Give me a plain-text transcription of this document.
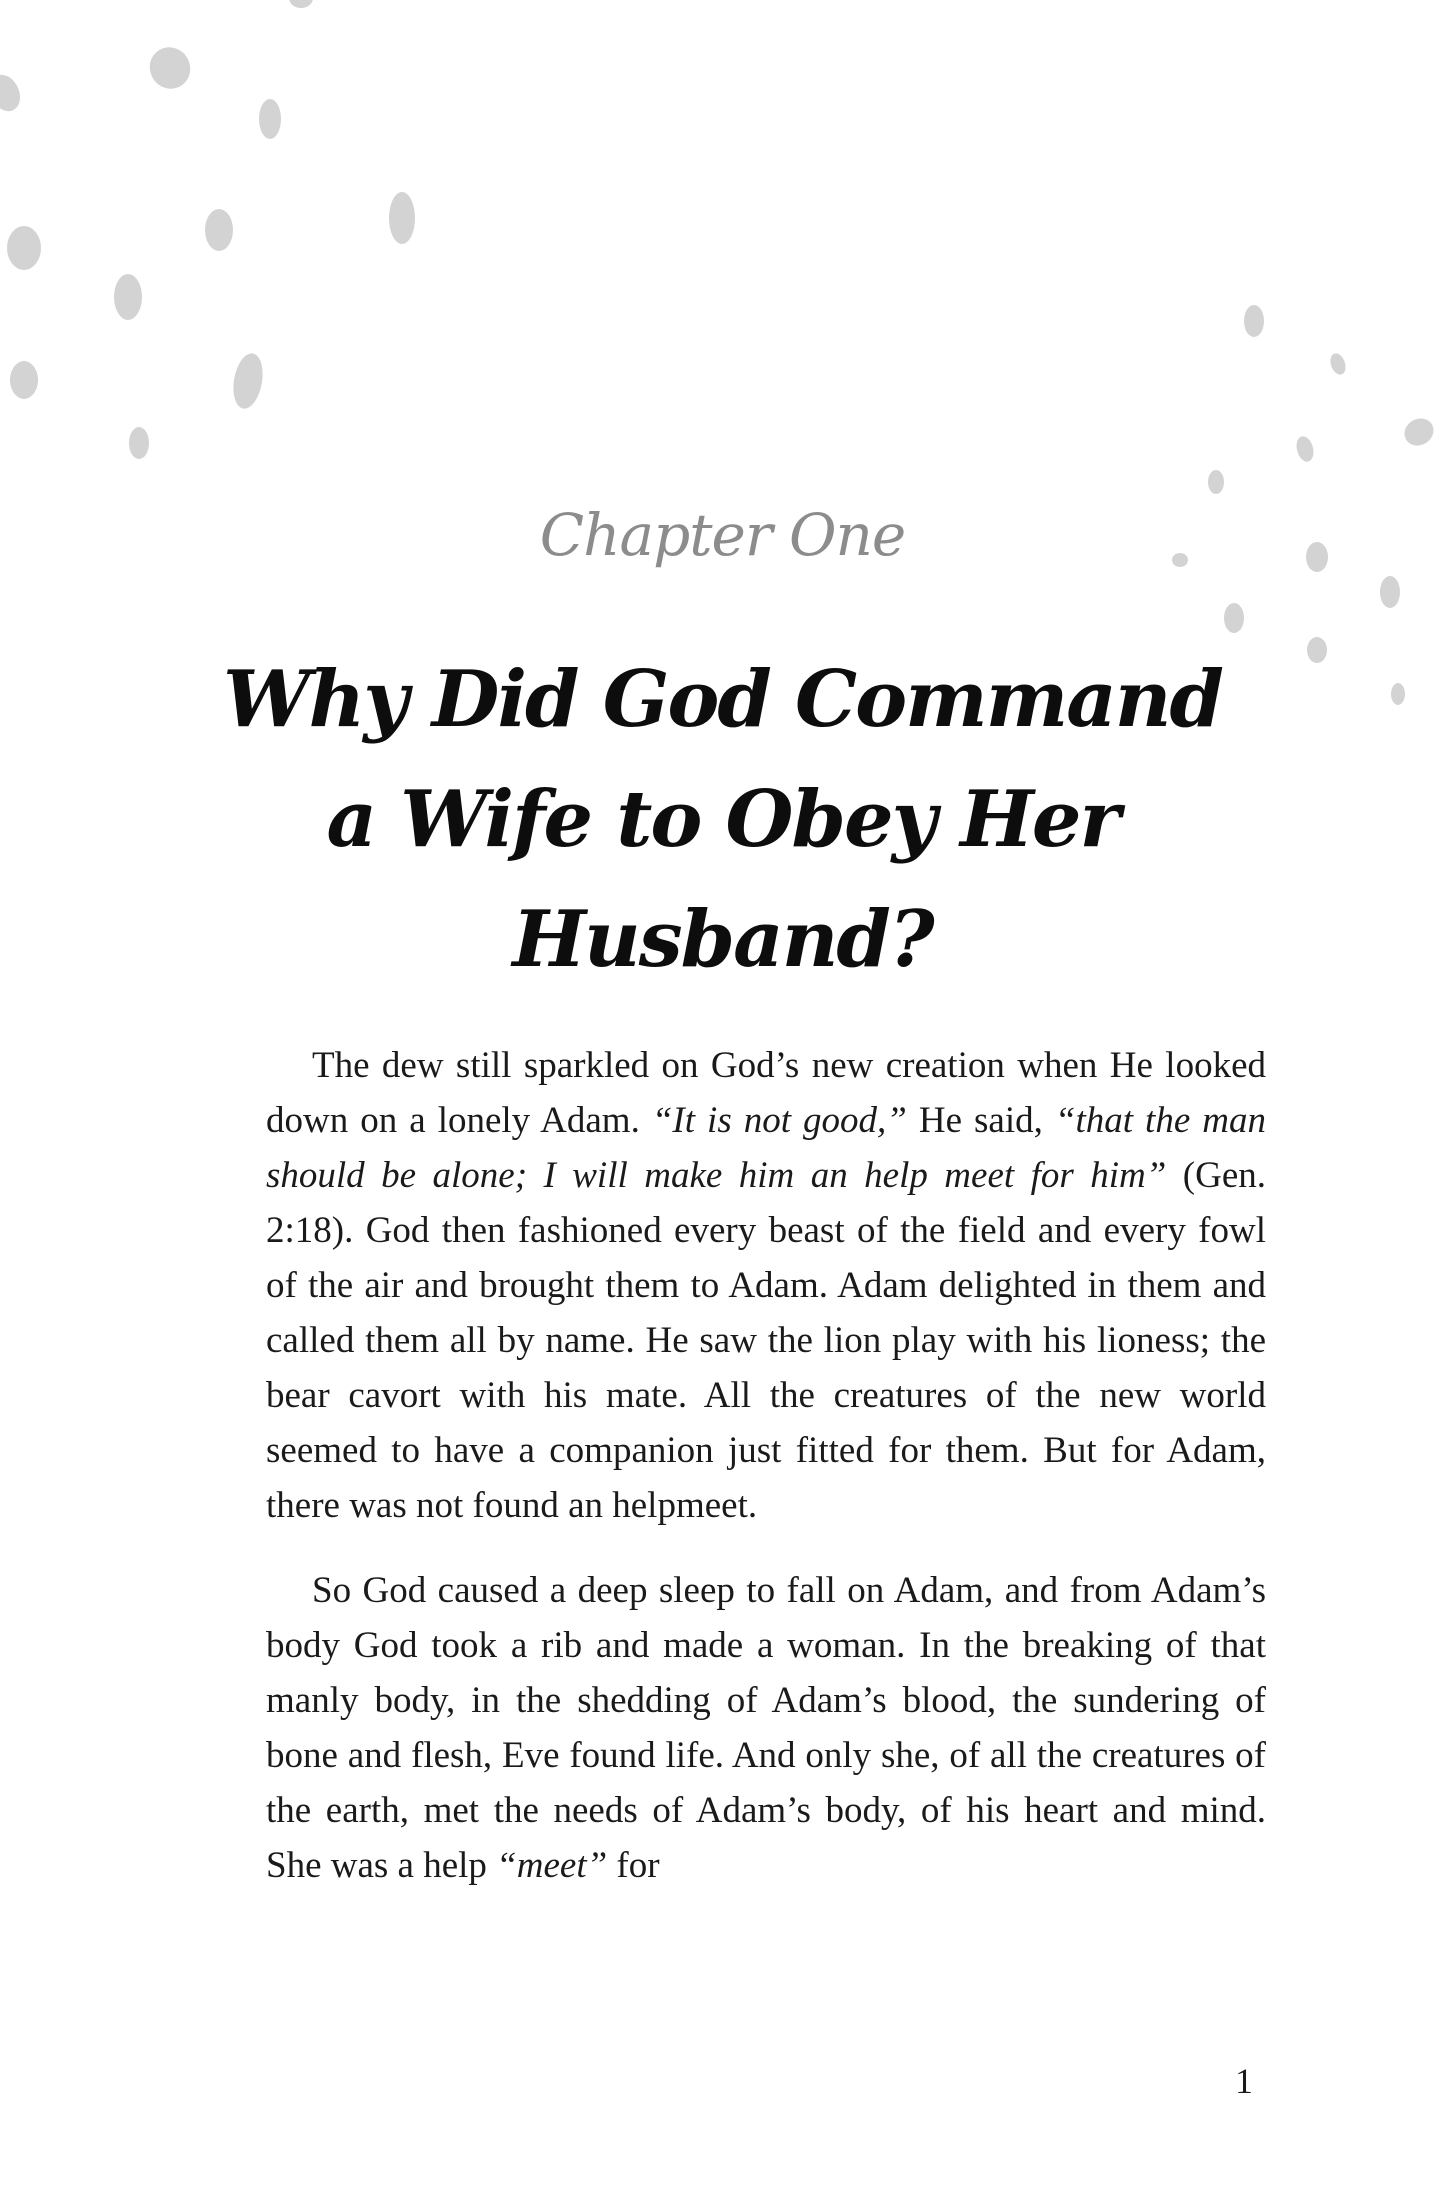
Chapter One
Why Did God Command a Wife to Obey Her Husband?

The dew still sparkled on God’s new creation when He looked down on a lonely Adam. “It is not good,” He said, “that the man should be alone; I will make him an help meet for him” (Gen. 2:18). God then fashioned every beast of the field and every fowl of the air and brought them to Adam. Adam delighted in them and called them all by name. He saw the lion play with his lioness; the bear cavort with his mate. All the creatures of the new world seemed to have a companion just fitted for them. But for Adam, there was not found an helpmeet.

So God caused a deep sleep to fall on Adam, and from Adam’s body God took a rib and made a woman. In the breaking of that manly body, in the shedding of Adam’s blood, the sundering of bone and flesh, Eve found life. And only she, of all the creatures of the earth, met the needs of Adam’s body, of his heart and mind. She was a help “meet” for

1
